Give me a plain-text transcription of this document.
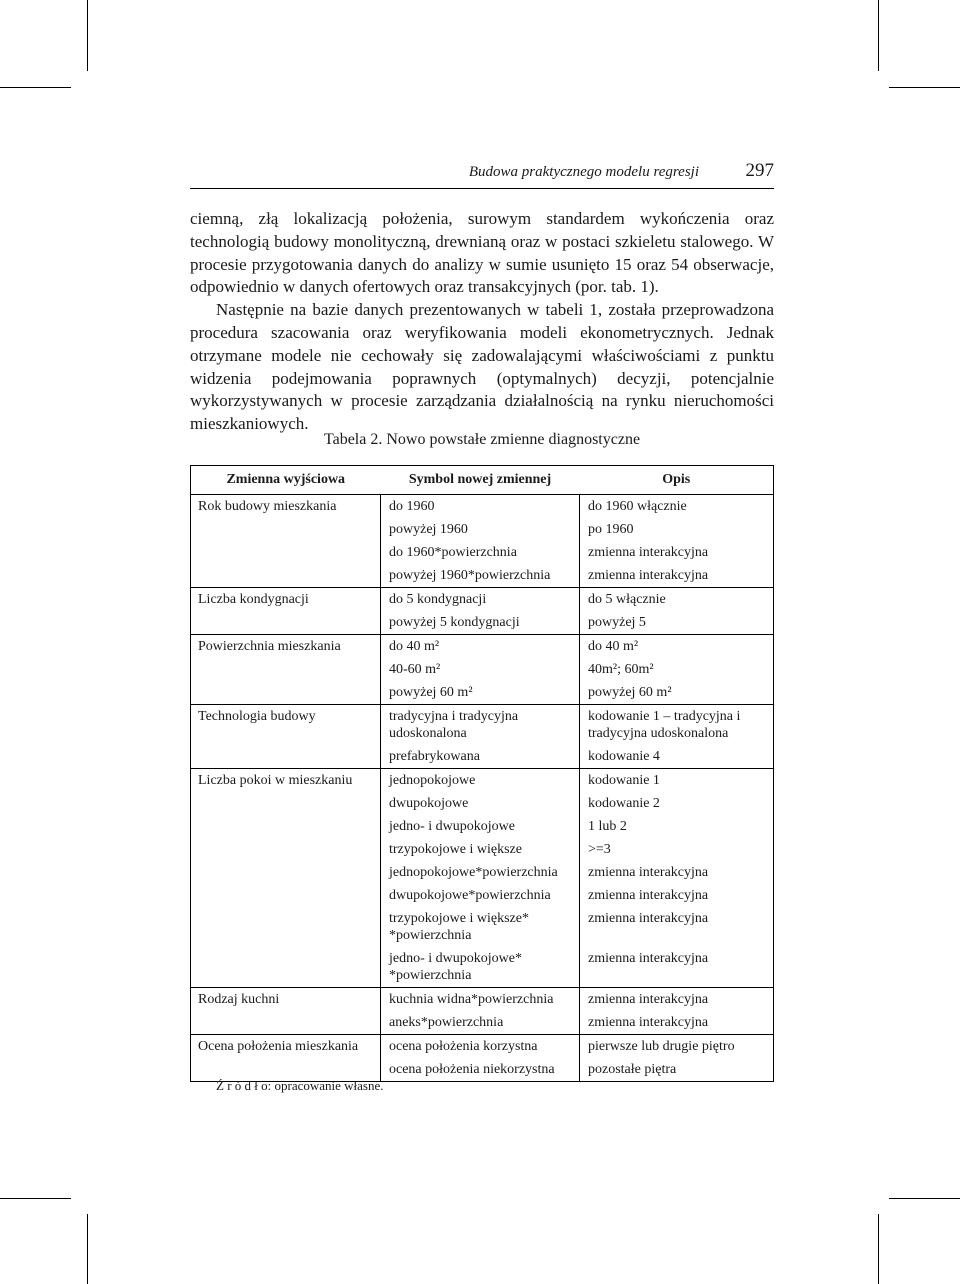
Budowa praktycznego modelu regresji 297

ciemną, złą lokalizacją położenia, surowym standardem wykończenia oraz technologią budowy monolityczną, drewnianą oraz w postaci szkieletu stalowego. W procesie przygotowania danych do analizy w sumie usunięto 15 oraz 54 obserwacje, odpowiednio w danych ofertowych oraz transakcyjnych (por. tab. 1).

Następnie na bazie danych prezentowanych w tabeli 1, została przeprowadzona procedura szacowania oraz weryfikowania modeli ekonometrycznych. Jednak otrzymane modele nie cechowały się zadowalającymi właściwościami z punktu widzenia podejmowania poprawnych (optymalnych) decyzji, potencjalnie wykorzystywanych w procesie zarządzania działalnością na rynku nieruchomości mieszkaniowych.

Tabela 2. Nowo powstałe zmienne diagnostyczne
Zmienna wyjściowa	Symbol nowej zmiennej	Opis
Rok budowy mieszkania	do 1960	do 1960 włącznie
	powyżej 1960	po 1960
	do 1960*powierzchnia	zmienna interakcyjna
	powyżej 1960*powierzchnia	zmienna interakcyjna
Liczba kondygnacji	do 5 kondygnacji	do 5 włącznie
	powyżej 5 kondygnacji	powyżej 5
Powierzchnia mieszkania	do 40 m²	do 40 m²
	40-60 m²	40m²; 60m²
	powyżej 60 m²	powyżej 60 m²
Technologia budowy	tradycyjna i tradycyjna udoskonalona	kodowanie 1 – tradycyjna i tradycyjna udoskonalona
	prefabrykowana	kodowanie 4
Liczba pokoi w mieszkaniu	jednopokojowe	kodowanie 1
	dwupokojowe	kodowanie 2
	jedno- i dwupokojowe	1 lub 2
	trzypokojowe i większe	>=3
	jednopokojowe*powierzchnia	zmienna interakcyjna
	dwupokojowe*powierzchnia	zmienna interakcyjna
	trzypokojowe i większe* *powierzchnia	zmienna interakcyjna
	jedno- i dwupokojowe* *powierzchnia	zmienna interakcyjna
Rodzaj kuchni	kuchnia widna*powierzchnia	zmienna interakcyjna
	aneks*powierzchnia	zmienna interakcyjna
Ocena położenia mieszkania	ocena położenia korzystna	pierwsze lub drugie piętro
	ocena położenia niekorzystna	pozostałe piętra
Ź r ó d ł o: opracowanie własne.
